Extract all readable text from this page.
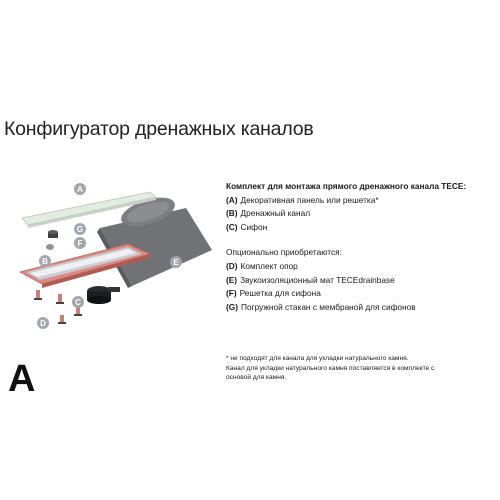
Конфигуратор дренажных каналов
A
G
F
B	E
C
D
Комплект для монтажа прямого дренажного канала TECE:
(A) Декоративная панель или решетка*
(B) Дренажный канал
(C) Сифон
Опционально приобретаются:
(D) Комплект опор
(E) Звукоизоляционный мат TECEdrainbase
(F) Решетка для сифона
(G) Погружной стакан с мембраной для сифонов
* не подходят для канала для укладки натурального камня.
Канал для укладки натурального камня поставляется в комплекте с
основой для камня.
A
